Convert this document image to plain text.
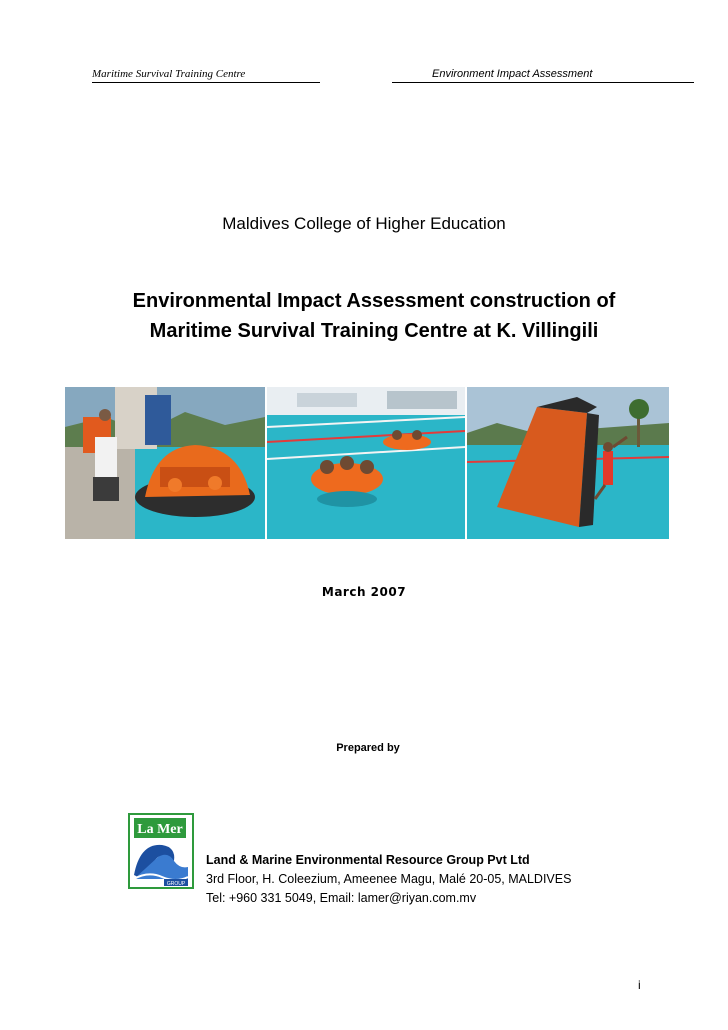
Maritime Survival Training Centre	Environment Impact Assessment
Maldives College of Higher Education
Environmental Impact Assessment construction of
Maritime Survival Training Centre at K. Villingili
March 2007
Prepared by
La Mer
GROUP
Land & Marine Environmental Resource Group Pvt Ltd
3rd Floor, H. Coleezium, Ameenee Magu, Malé 20-05, MALDIVES
Tel: +960 331 5049, Email: lamer@riyan.com.mv
i
